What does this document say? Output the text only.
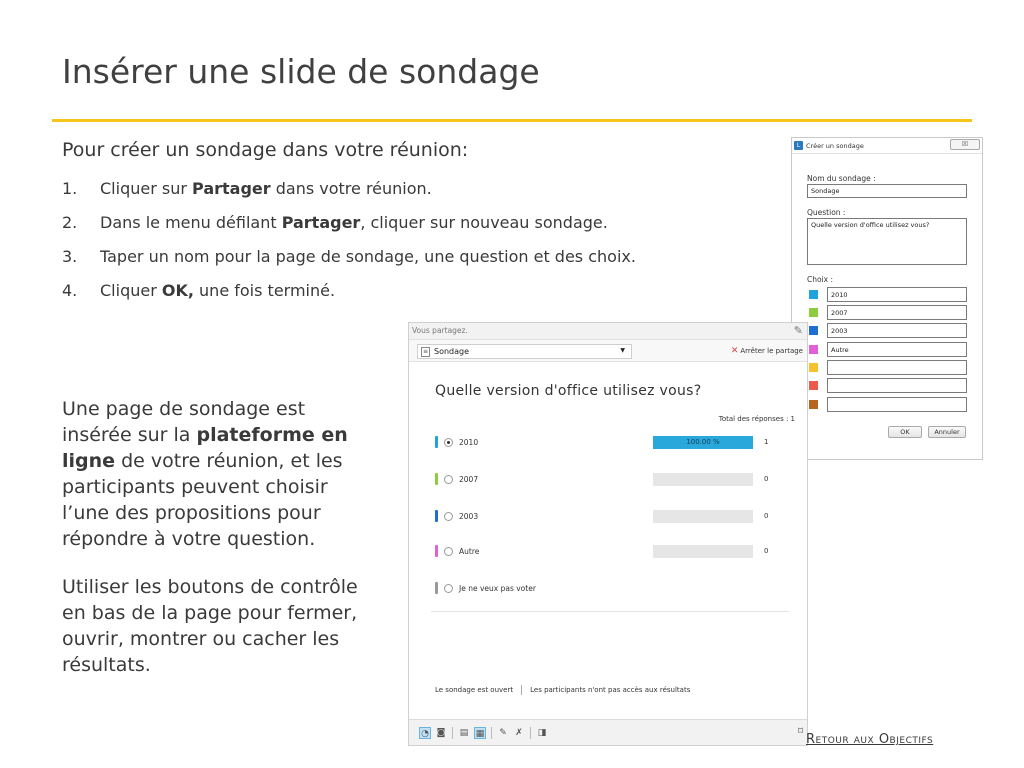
Insérer une slide de sondage
Pour créer un sondage dans votre réunion:
1. Cliquer sur Partager dans votre réunion.
2. Dans le menu défilant Partager, cliquer sur nouveau sondage.
3. Taper un nom pour la page de sondage, une question et des choix.
4. Cliquer OK, une fois terminé.

Une page de sondage est insérée sur la plateforme en ligne de votre réunion, et les participants peuvent choisir l’une des propositions pour répondre à votre question.

Utiliser les boutons de contrôle en bas de la page pour fermer, ouvrir, montrer ou cacher les résultats.

L Créer un sondage	☒
Nom du sondage :
Sondage
Question :
Quelle version d'office utilisez vous?
Choix :
2010
2007
2003
Autre
OK	Annuler
Vous partagez.	✎
≡ Sondage	▼	✕ Arrêter le partage
Quelle version d'office utilisez vous?
Total des réponses : 1
2010	100.00 %	1
2007	0
2003	0
Autre	0
Je ne veux pas voter
Le sondage est ouvert Les participants n'ont pas accès aux résultats
◔ ◙ ▤ ▦ ✎ ✗ ◨	⌑
Retour aux Objectifs
